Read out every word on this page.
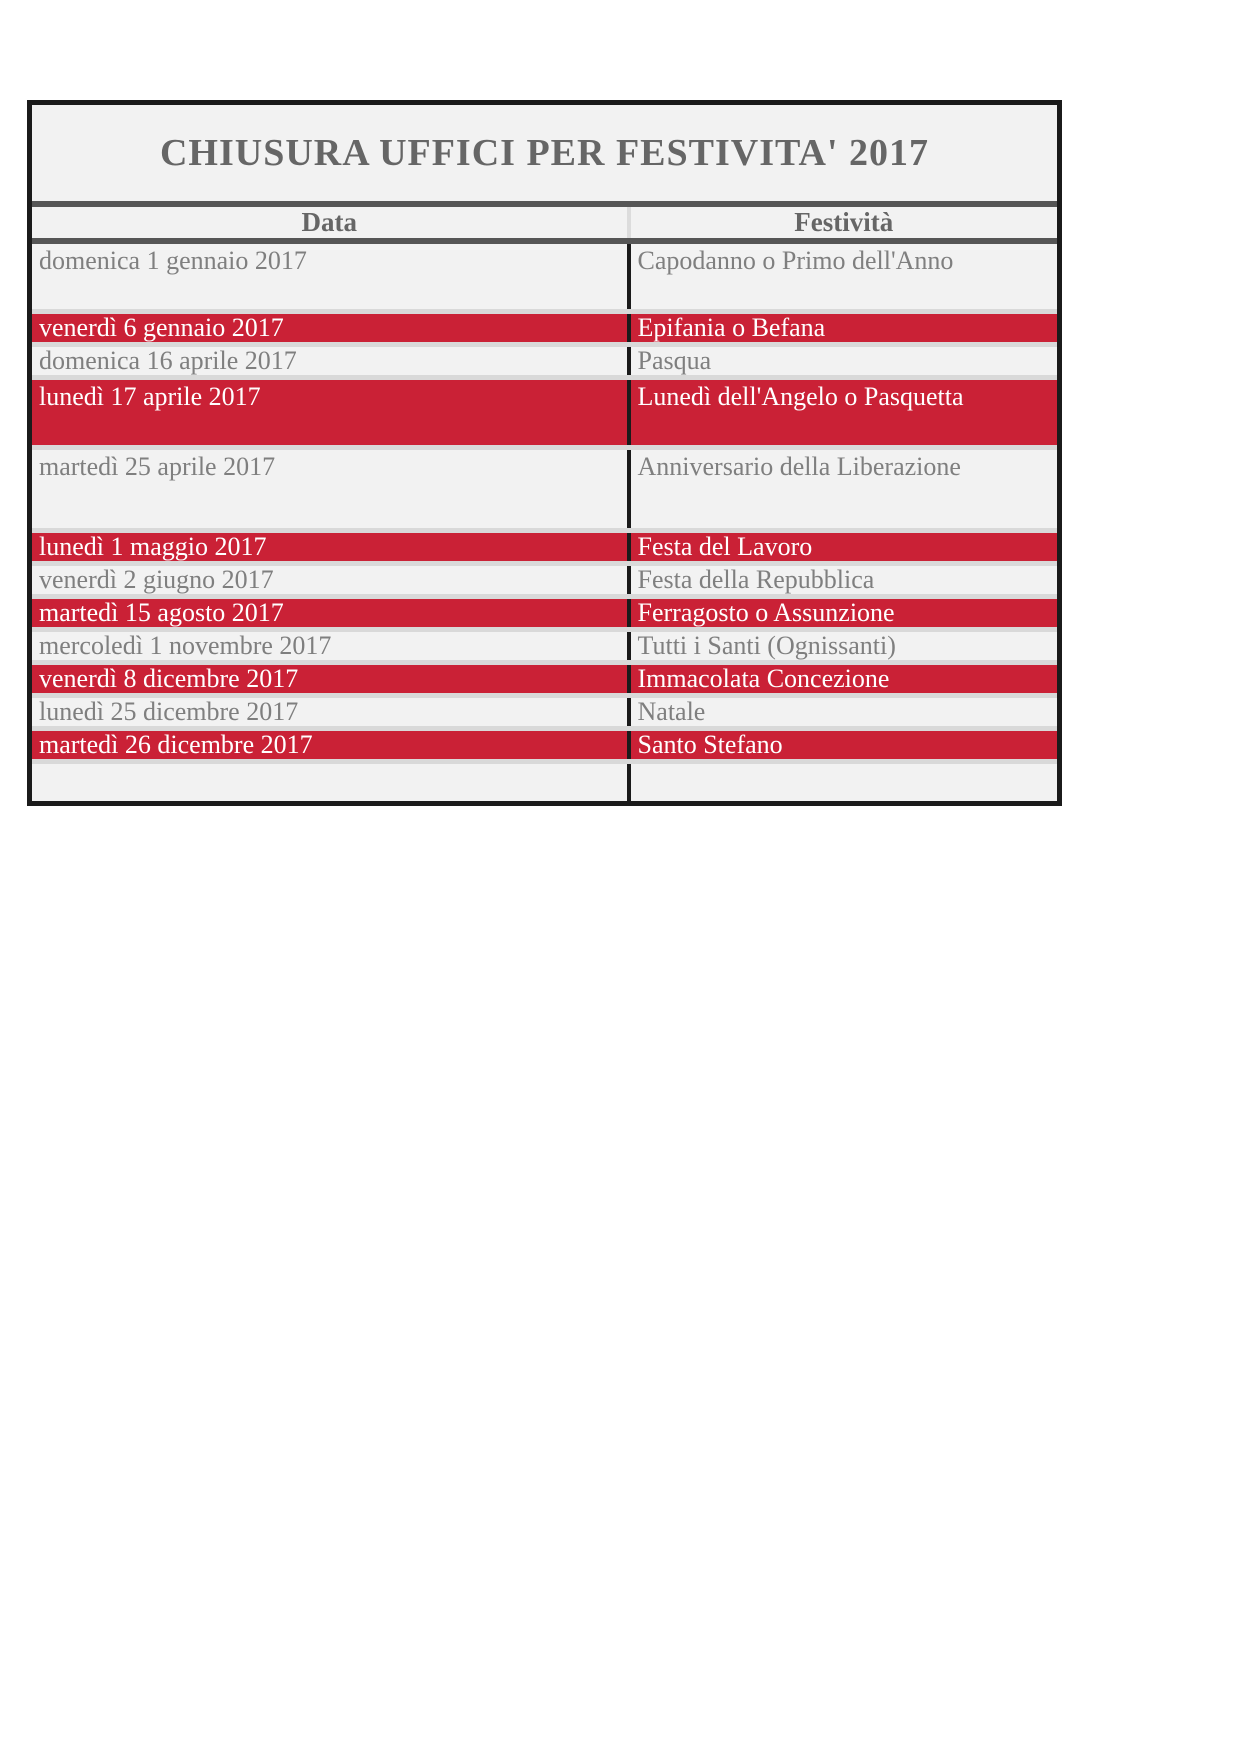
CHIUSURA UFFICI PER FESTIVITA' 2017
Data	Festività
domenica 1 gennaio 2017	Capodanno o Primo dell'Anno
venerdì 6 gennaio 2017	Epifania o Befana
domenica 16 aprile 2017	Pasqua
lunedì 17 aprile 2017	Lunedì dell'Angelo o Pasquetta
martedì 25 aprile 2017	Anniversario della Liberazione
lunedì 1 maggio 2017	Festa del Lavoro
venerdì 2 giugno 2017	Festa della Repubblica
martedì 15 agosto 2017	Ferragosto o Assunzione
mercoledì 1 novembre 2017	Tutti i Santi (Ognissanti)
venerdì 8 dicembre 2017	Immacolata Concezione
lunedì 25 dicembre 2017	Natale
martedì 26 dicembre 2017	Santo Stefano
